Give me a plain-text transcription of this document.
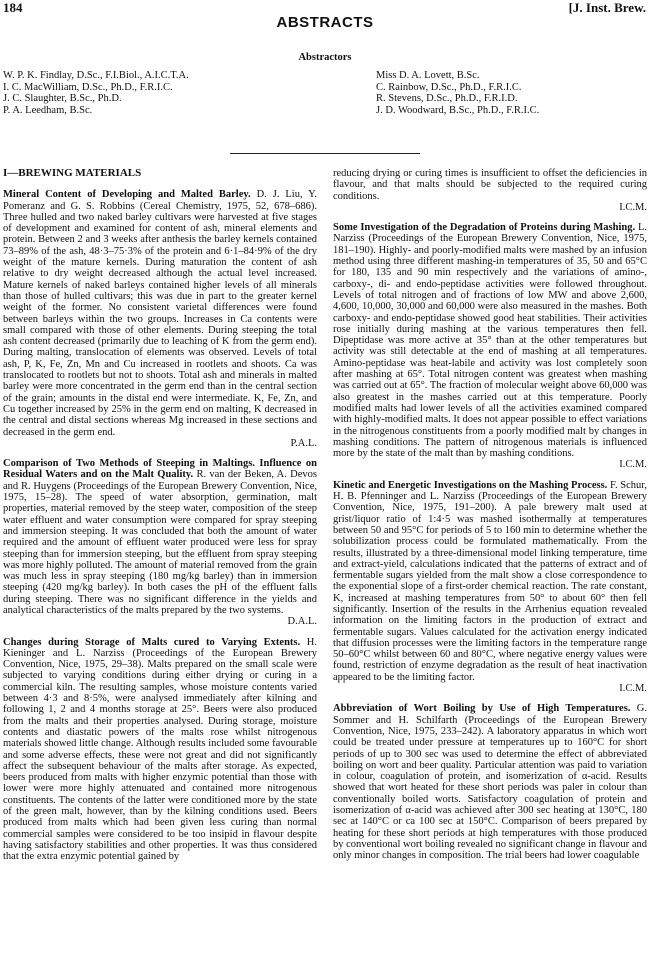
184	[J. Inst. Brew.
ABSTRACTS
Abstractors
W. P. K. Findlay, D.Sc., F.I.Biol., A.I.C.T.A.
I. C. MacWilliam, D.Sc., Ph.D., F.R.I.C.
J. C. Slaughter, B.Sc., Ph.D.
P. A. Leedham, B.Sc.
Miss D. A. Lovett, B.Sc.
C. Rainbow, D.Sc., Ph.D., F.R.I.C.
R. Stevens, D.Sc., Ph.D., F.R.I.D.
J. D. Woodward, B.Sc., Ph.D., F.R.I.C.
I—BREWING MATERIALS

Mineral Content of Developing and Malted Barley. D. J. Liu, Y. Pomeranz and G. S. Robbins (Cereal Chemistry, 1975, 52, 678–686). Three hulled and two naked barley cultivars were harvested at five stages of development and examined for content of ash, mineral elements and protein. Between 2 and 3 weeks after anthesis the barley kernels contained 73–89% of the ash, 48·3–75·3% of the protein and 6·1–84·9% of the dry weight of the mature kernels. During maturation the content of ash relative to dry weight decreased although the actual level increased. Mature kernels of naked barleys contained higher levels of all minerals than those of hulled cultivars; this was due in part to the greater kernel weight of the former. No consistent varietal differences were found between barleys within the two groups. Increases in Ca contents were small compared with those of other elements. During steeping the total ash content decreased (primarily due to leaching of K from the germ end). During malting, translocation of elements was observed. Levels of total ash, P, K, Fe, Zn, Mn and Cu increased in rootlets and shoots. Ca was translocated to rootlets but not to shoots. Total ash and minerals in malted barley were more concentrated in the germ end than in the central section of the grain; amounts in the distal end were intermediate. K, Fe, Zn, and Cu together increased by 25% in the germ end on malting, K decreased in the central and distal sections whereas Mg increased in these sections and decreased in the germ end.

P.A.L.

Comparison of Two Methods of Steeping in Maltings. Influence on Residual Waters and on the Malt Quality. R. van der Beken, A. Devos and R. Huygens (Proceedings of the European Brewery Convention, Nice, 1975, 15–28). The speed of water absorption, germination, malt properties, material removed by the steep water, composition of the steep water effluent and water consumption were compared for spray steeping and immersion steeping. It was concluded that both the amount of water required and the amount of effluent water produced were less for spray steeping than for immersion steeping, but the effluent from spray steeping was more highly polluted. The amount of material removed from the grain was much less in spray steeping (180 mg/kg barley) than in immersion steeping (420 mg/kg barley). In both cases the pH of the effluent falls during steeping. There was no significant difference in the yields and analytical characteristics of the malts prepared by the two systems.

D.A.L.

Changes during Storage of Malts cured to Varying Extents. H. Kieninger and L. Narziss (Proceedings of the European Brewery Convention, Nice, 1975, 29–38). Malts prepared on the small scale were subjected to varying conditions during either drying or curing in a commercial kiln. The resulting samples, whose moisture contents varied between 4·3 and 8·5%, were analysed immediately after kilning and following 1, 2 and 4 months storage at 25°. Beers were also produced from the malts and their properties analysed. During storage, moisture contents and diastatic powers of the malts rose whilst nitrogenous materials showed little change. Although results included some favourable and some adverse effects, these were not great and did not significantly affect the subsequent behaviour of the malts after storage. As expected, beers produced from malts with higher enzymic potential than those with lower were more highly attenuated and contained more nitrogenous constituents. The contents of the latter were conditioned more by the state of the green malt, however, than by the kilning conditions used. Beers produced from malts which had been given less curing than normal commercial samples were considered to be too insipid in flavour despite having satisfactory stabilities and other properties. It was thus considered that the extra enzymic potential gained by

reducing drying or curing times is insufficient to offset the deficiencies in flavour, and that malts should be subjected to the required curing conditions.

I.C.M.

Some Investigation of the Degradation of Proteins during Mashing. L. Narziss (Proceedings of the European Brewery Convention, Nice, 1975, 181–190). Highly- and poorly-modified malts were mashed by an infusion method using three different mashing-in temperatures of 35, 50 and 65°C for 180, 135 and 90 min respectively and the variations of amino-, carboxy-, di- and endo-peptidase activities were followed throughout. Levels of total nitrogen and of fractions of low MW and above 2,600, 4,600, 10,000, 30,000 and 60,000 were also measured in the mashes. Both carboxy- and endo-peptidase showed good heat stabilities. Their activities rose initially during mashing at the various temperatures then fell. Dipeptidase was more active at 35° than at the other temperatures but activity was still detectable at the end of mashing at all temperatures. Amino-peptidase was heat-labile and activity was lost completely soon after mashing at 65°. Total nitrogen content was greatest when mashing was carried out at 65°. The fraction of molecular weight above 60,000 was also greatest in the mashes carried out at this temperature. Poorly modified malts had lower levels of all the activities examined compared with highly-modified malts. It does not appear possible to effect variations in the nitrogenous constituents from a poorly modified malt by changes in mashing conditions. The pattern of nitrogenous materials is influenced more by the state of the malt than by mashing conditions.

I.C.M.

Kinetic and Energetic Investigations on the Mashing Process. F. Schur, H. B. Pfenninger and L. Narziss (Proceedings of the European Brewery Convention, Nice, 1975, 191–200). A pale brewery malt used at grist/liquor ratio of 1:4·5 was mashed isothermally at temperatures between 50 and 95°C for periods of 5 to 160 min to determine whether the solubilization process could be formulated mathematically. From the results, illustrated by a three-dimensional model linking temperature, time and extract-yield, calculations indicated that the patterns of extract and of fermentable sugars yielded from the malt show a close correspondence to the exponential slope of a first-order chemical reaction. The rate constant, K, increased at mashing temperatures from 50° to about 60° then fell significantly. Insertion of the results in the Arrhenius equation revealed information on the limiting factors in the production of extract and fermentable sugars. Values calculated for the activation energy indicated that diffusion processes were the limiting factors in the temperature range 50–60°C whilst between 60 and 80°C, where negative energy values were found, restriction of enzyme degradation as the result of heat inactivation appeared to be the limiting factor.

I.C.M.

Abbreviation of Wort Boiling by Use of High Temperatures. G. Sommer and H. Schilfarth (Proceedings of the European Brewery Convention, Nice, 1975, 233–242). A laboratory apparatus in which wort could be treated under pressure at temperatures up to 160°C for short periods of up to 300 sec was used to determine the effect of abbreviated boiling on wort and beer quality. Particular attention was paid to variation in colour, coagulation of protein, and isomerization of α-acid. Results showed that wort heated for these short periods was paler in colour than conventionally boiled worts. Satisfactory coagulation of protein and isomerization of α-acid was achieved after 300 sec heating at 130°C, 180 sec at 140°C or ca 100 sec at 150°C. Comparison of beers prepared by heating for these short periods at high temperatures with those produced by conventional wort boiling revealed no significant change in flavour and only minor changes in composition. The trial beers had lower coagulable
